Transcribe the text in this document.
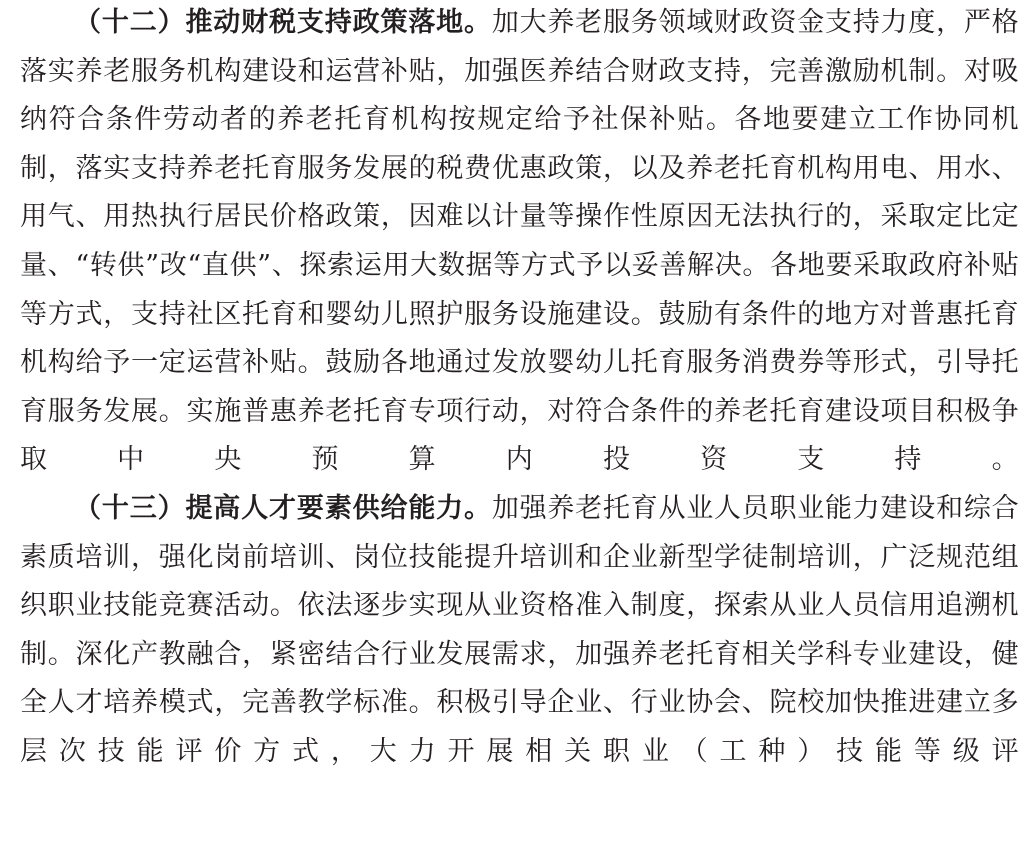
（十二）推动财税支持政策落地。加大养老服务领域财政资金支持力度，严格落实养老服务机构建设和运营补贴，加强医养结合财政支持，完善激励机制。对吸纳符合条件劳动者的养老托育机构按规定给予社保补贴。各地要建立工作协同机制，落实支持养老托育服务发展的税费优惠政策，以及养老托育机构用电、用水、用气、用热执行居民价格政策，因难以计量等操作性原因无法执行的，采取定比定量、“转供”改“直供”、探索运用大数据等方式予以妥善解决。各地要采取政府补贴等方式，支持社区托育和婴幼儿照护服务设施建设。鼓励有条件的地方对普惠托育机构给予一定运营补贴。鼓励各地通过发放婴幼儿托育服务消费券等形式，引导托育服务发展。实施普惠养老托育专项行动，对符合条件的养老托育建设项目积极争取中央预算内投资支持。

（十三）提高人才要素供给能力。加强养老托育从业人员职业能力建设和综合素质培训，强化岗前培训、岗位技能提升培训和企业新型学徒制培训，广泛规范组织职业技能竞赛活动。依法逐步实现从业资格准入制度，探索从业人员信用追溯机制。深化产教融合，紧密结合行业发展需求，加强养老托育相关学科专业建设，健全人才培养模式，完善教学标准。积极引导企业、行业协会、院校加快推进建立多层次技能评价方式，大力开展相关职业（工种）技能等级评
